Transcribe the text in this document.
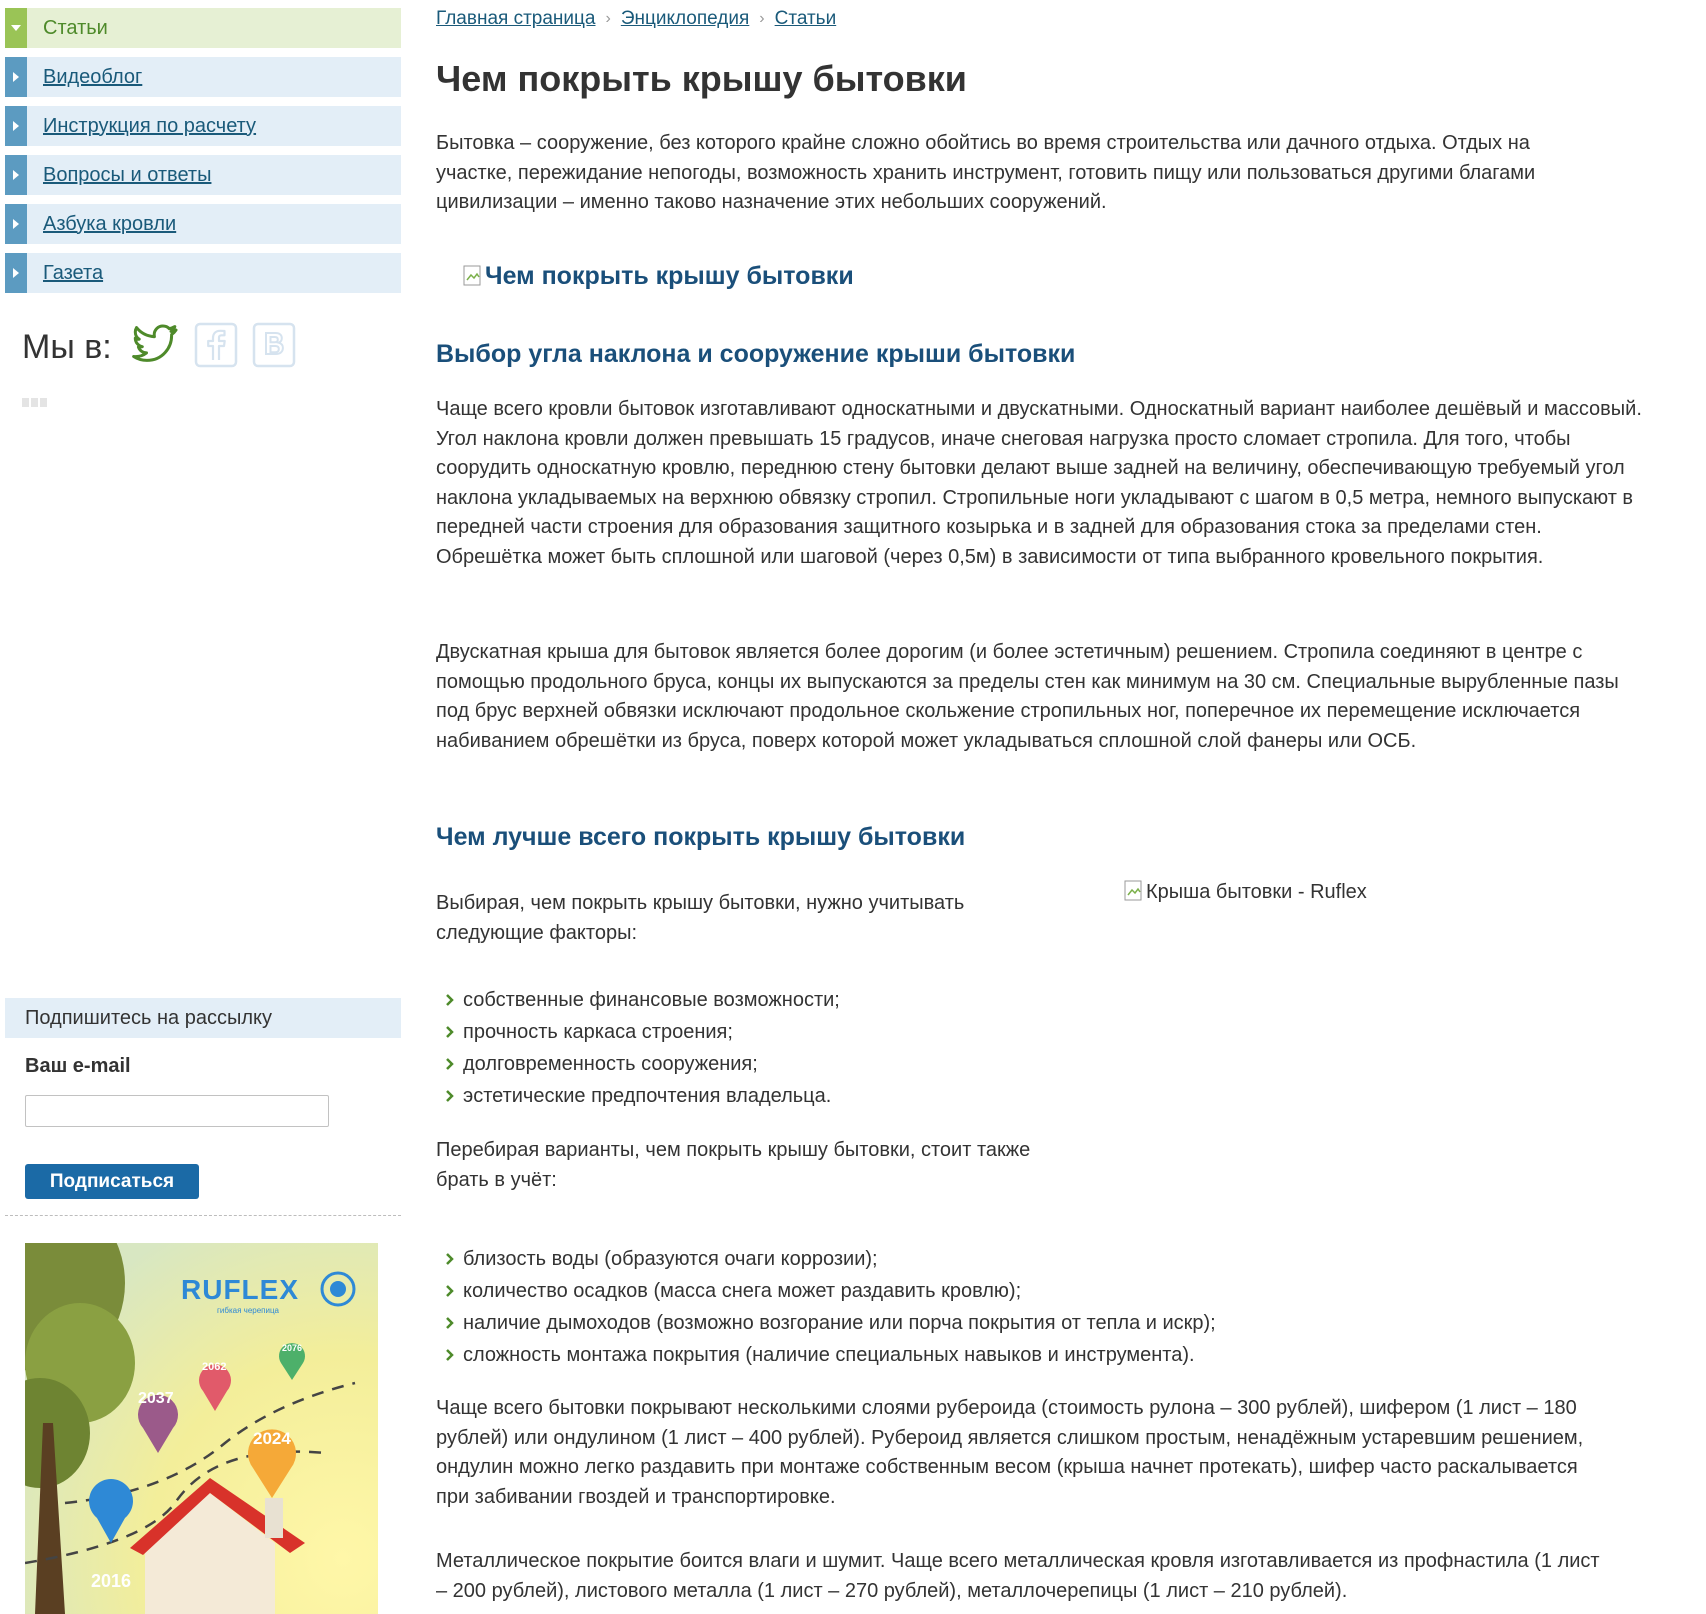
Статьи
Видеоблог
Инструкция по расчету
Вопросы и ответы
Азбука кровли
Газета
Мы в:
Подпишитесь на рассылку
Ваш e-mail
Подписаться
2016
2037
2062
2024
2076
RUFLEX
гибкая черепица
Главная страница › Энциклопедия › Статьи
Чем покрыть крышу бытовки

Бытовка – сооружение, без которого крайне сложно обойтись во время строительства или дачного отдыха. Отдых на участке, пережидание непогоды, возможность хранить инструмент, готовить пищу или пользоваться другими благами цивилизации – именно таково назначение этих небольших сооружений.

Чем покрыть крышу бытовки
Выбор угла наклона и сооружение крыши бытовки

Чаще всего кровли бытовок изготавливают односкатными и двускатными. Односкатный вариант наиболее дешёвый и массовый. Угол наклона кровли должен превышать 15 градусов, иначе снеговая нагрузка просто сломает стропила. Для того, чтобы соорудить односкатную кровлю, переднюю стену бытовки делают выше задней на величину, обеспечивающую требуемый угол наклона укладываемых на верхнюю обвязку стропил. Стропильные ноги укладывают с шагом в 0,5 метра, немного выпускают в передней части строения для образования защитного козырька и в задней для образования стока за пределами стен. Обрешётка может быть сплошной или шаговой (через 0,5м) в зависимости от типа выбранного кровельного покрытия.

Двускатная крыша для бытовок является более дорогим (и более эстетичным) решением. Стропила соединяют в центре с помощью продольного бруса, концы их выпускаются за пределы стен как минимум на 30 см. Специальные вырубленные пазы под брус верхней обвязки исключают продольное скольжение стропильных ног, поперечное их перемещение исключается набиванием обрешётки из бруса, поверх которой может укладываться сплошной слой фанеры или ОСБ.

Чем лучше всего покрыть крышу бытовки
Крыша бытовки - Ruflex

Выбирая, чем покрыть крышу бытовки, нужно учитывать следующие факторы:

собственные финансовые возможности;
прочность каркаса строения;
долговременность сооружения;
эстетические предпочтения владельца.

Перебирая варианты, чем покрыть крышу бытовки, стоит также брать в учёт:

близость воды (образуются очаги коррозии);
количество осадков (масса снега может раздавить кровлю);
наличие дымоходов (возможно возгорание или порча покрытия от тепла и искр);
сложность монтажа покрытия (наличие специальных навыков и инструмента).

Чаще всего бытовки покрывают несколькими слоями рубероида (стоимость рулона – 300 рублей), шифером (1 лист – 180 рублей) или ондулином (1 лист – 400 рублей). Рубероид является слишком простым, ненадёжным устаревшим решением, ондулин можно легко раздавить при монтаже собственным весом (крыша начнет протекать), шифер часто раскалывается при забивании гвоздей и транспортировке.

Металлическое покрытие боится влаги и шумит. Чаще всего металлическая кровля изготавливается из профнастила (1 лист – 200 рублей), листового металла (1 лист – 270 рублей), металлочерепицы (1 лист – 210 рублей).
